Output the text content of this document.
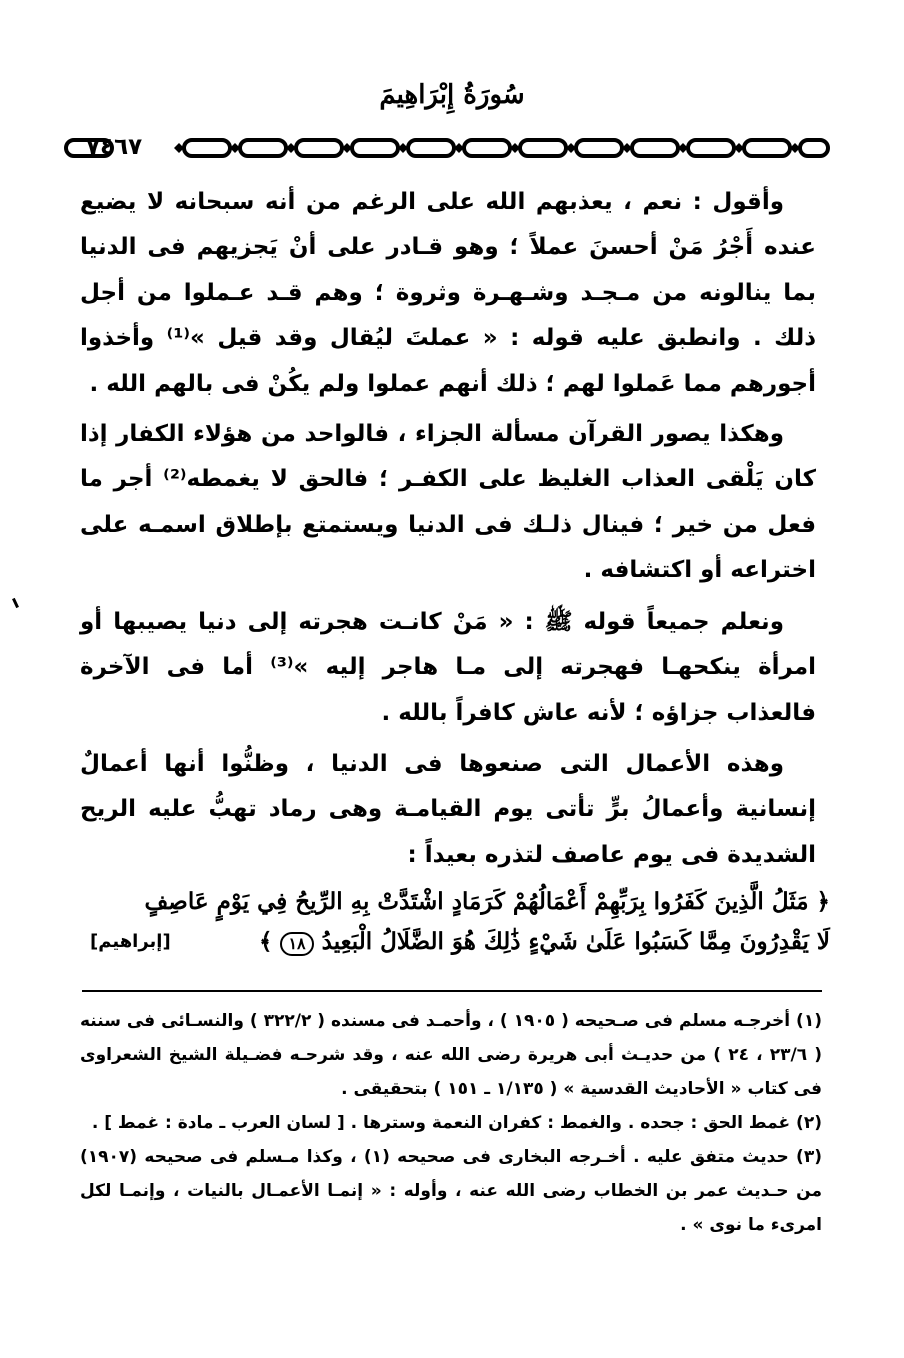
سُورَةُ إِبْرَاهِيمَ
٧٤٦٧

وأقول : نعم ، يعذبهم الله على الرغم من أنه سبحانه لا يضيع عنده أَجْرُ مَنْ أحسنَ عملاً ؛ وهو قـادر على أنْ يَجزيهم فى الدنيا بما ينالونه من مـجـد وشـهـرة وثروة ؛ وهم قـد عـملوا من أجل ذلك . وانطبق عليه قوله : « عملتَ ليُقال وقد قيل »⁽¹⁾ وأخذوا أجورهم مما عَملوا لهم ؛ ذلك أنهم عملوا ولم يكُنْ فى بالهم الله .

وهكذا يصور القرآن مسألة الجزاء ، فالواحد من هؤلاء الكفار إذا كان يَلْقى العذاب الغليظ على الكفـر ؛ فالحق لا يغمطه⁽²⁾ أجر ما فعل من خير ؛ فينال ذلـك فى الدنيا ويستمتع بإطلاق اسمـه على اختراعه أو اكتشافه .

ونعلم جميعاً قوله ﷺ : « مَنْ كانـت هجرته إلى دنيا يصيبها أو امرأة ينكحهـا فهجرته إلى مـا هاجر إليه »⁽³⁾ أما فى الآخرة فالعذاب جزاؤه ؛ لأنه عاش كافراً بالله .

وهذه الأعمال التى صنعوها فى الدنيا ، وظنُّوا أنها أعمالٌ إنسانية وأعمالُ برٍّ تأتى يوم القيامـة وهى رماد تهبُّ عليه الريح الشديدة فى يوم عاصف لتذره بعيداً :

﴿ مَثَلُ الَّذِينَ كَفَرُوا بِرَبِّهِمْ أَعْمَالُهُمْ كَرَمَادٍ اشْتَدَّتْ بِهِ الرِّيحُ فِي يَوْمٍ عَاصِفٍ
لَا يَقْدِرُونَ مِمَّا كَسَبُوا عَلَىٰ شَيْءٍ ذَٰلِكَ هُوَ الضَّلَالُ الْبَعِيدُ ١٨ ﴾
[إبراهيم]

(١) أخرجـه مسلم فى صـحيحه ( ١٩٠٥ ) ، وأحمـد فى مسنده ( ٣٢٢/٢ ) والنسـائى فى سننه ( ٢٣/٦ ، ٢٤ ) من حديـث أبى هريرة رضى الله عنه ، وقد شرحـه فضـيلة الشيخ الشعراوى فى كتاب « الأحاديث القدسية » ( ١/١٣٥ ـ ١٥١ ) بتحقيقى .

(٢) غمط الحق : جحده . والغمط : كفران النعمة وسترها . [ لسان العرب ـ مادة : غمط ] .

(٣) حديث متفق عليه . أخـرجه البخارى فى صحيحه (١) ، وكذا مـسلم فى صحيحه (١٩٠٧) من حـديث عمر بن الخطاب رضى الله عنه ، وأوله : « إنمـا الأعمـال بالنيات ، وإنمـا لكل امرىء ما نوى » .
